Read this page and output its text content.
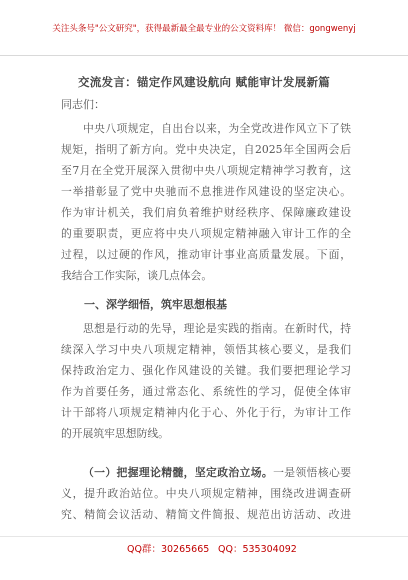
关注头条号"公文研究"，获得最新最全最专业的公文资料库！ 微信：gongwenyj
交流发言：锚定作风建设航向 赋能审计发展新篇
同志们：
中央八项规定，自出台以来，为全党改进作风立下了铁
规矩，指明了新方向。党中央决定，自2025年全国两会后
至7月在全党开展深入贯彻中央八项规定精神学习教育，这
一举措彰显了党中央驰而不息推进作风建设的坚定决心。
作为审计机关，我们肩负着维护财经秩序、保障廉政建设
的重要职责，更应将中央八项规定精神融入审计工作的全
过程，以过硬的作风，推动审计事业高质量发展。下面，
我结合工作实际，谈几点体会。
一、深学细悟，筑牢思想根基
思想是行动的先导，理论是实践的指南。在新时代，持
续深入学习中央八项规定精神，领悟其核心要义，是我们
保持政治定力、强化作风建设的关键。我们要把理论学习
作为首要任务，通过常态化、系统性的学习，促使全体审
计干部将八项规定精神内化于心、外化于行，为审计工作
的开展筑牢思想防线。
（一）把握理论精髓，坚定政治立场。一是领悟核心要
义，提升政治站位。中央八项规定精神，围绕改进调查研
究、精简会议活动、精简文件简报、规范出访活动、改进
QQ群：30265665 QQ：535304092
